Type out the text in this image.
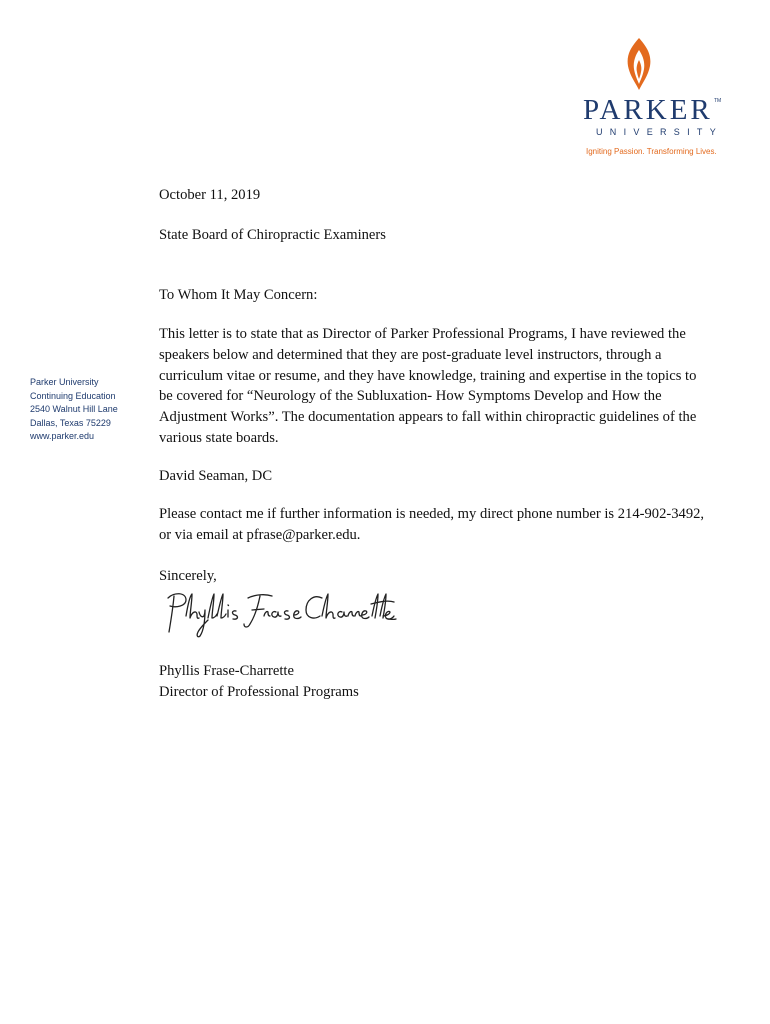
PARKER TM
UNIVERSITY
Igniting Passion. Transforming Lives.
Parker University
Continuing Education
2540 Walnut Hill Lane
Dallas, Texas 75229
www.parker.edu
October 11, 2019
State Board of Chiropractic Examiners
To Whom It May Concern:
This letter is to state that as Director of Parker Professional Programs, I have reviewed the speakers below and determined that they are post-graduate level instructors, through a curriculum vitae or resume, and they have knowledge, training and expertise in the topics to be covered for “Neurology of the Subluxation- How Symptoms Develop and How the Adjustment Works”. The documentation appears to fall within chiropractic guidelines of the various state boards.
David Seaman, DC
Please contact me if further information is needed, my direct phone number is 214-902-3492, or via email at pfrase@parker.edu.
Sincerely,
Phyllis Frase-Charrette
Director of Professional Programs
